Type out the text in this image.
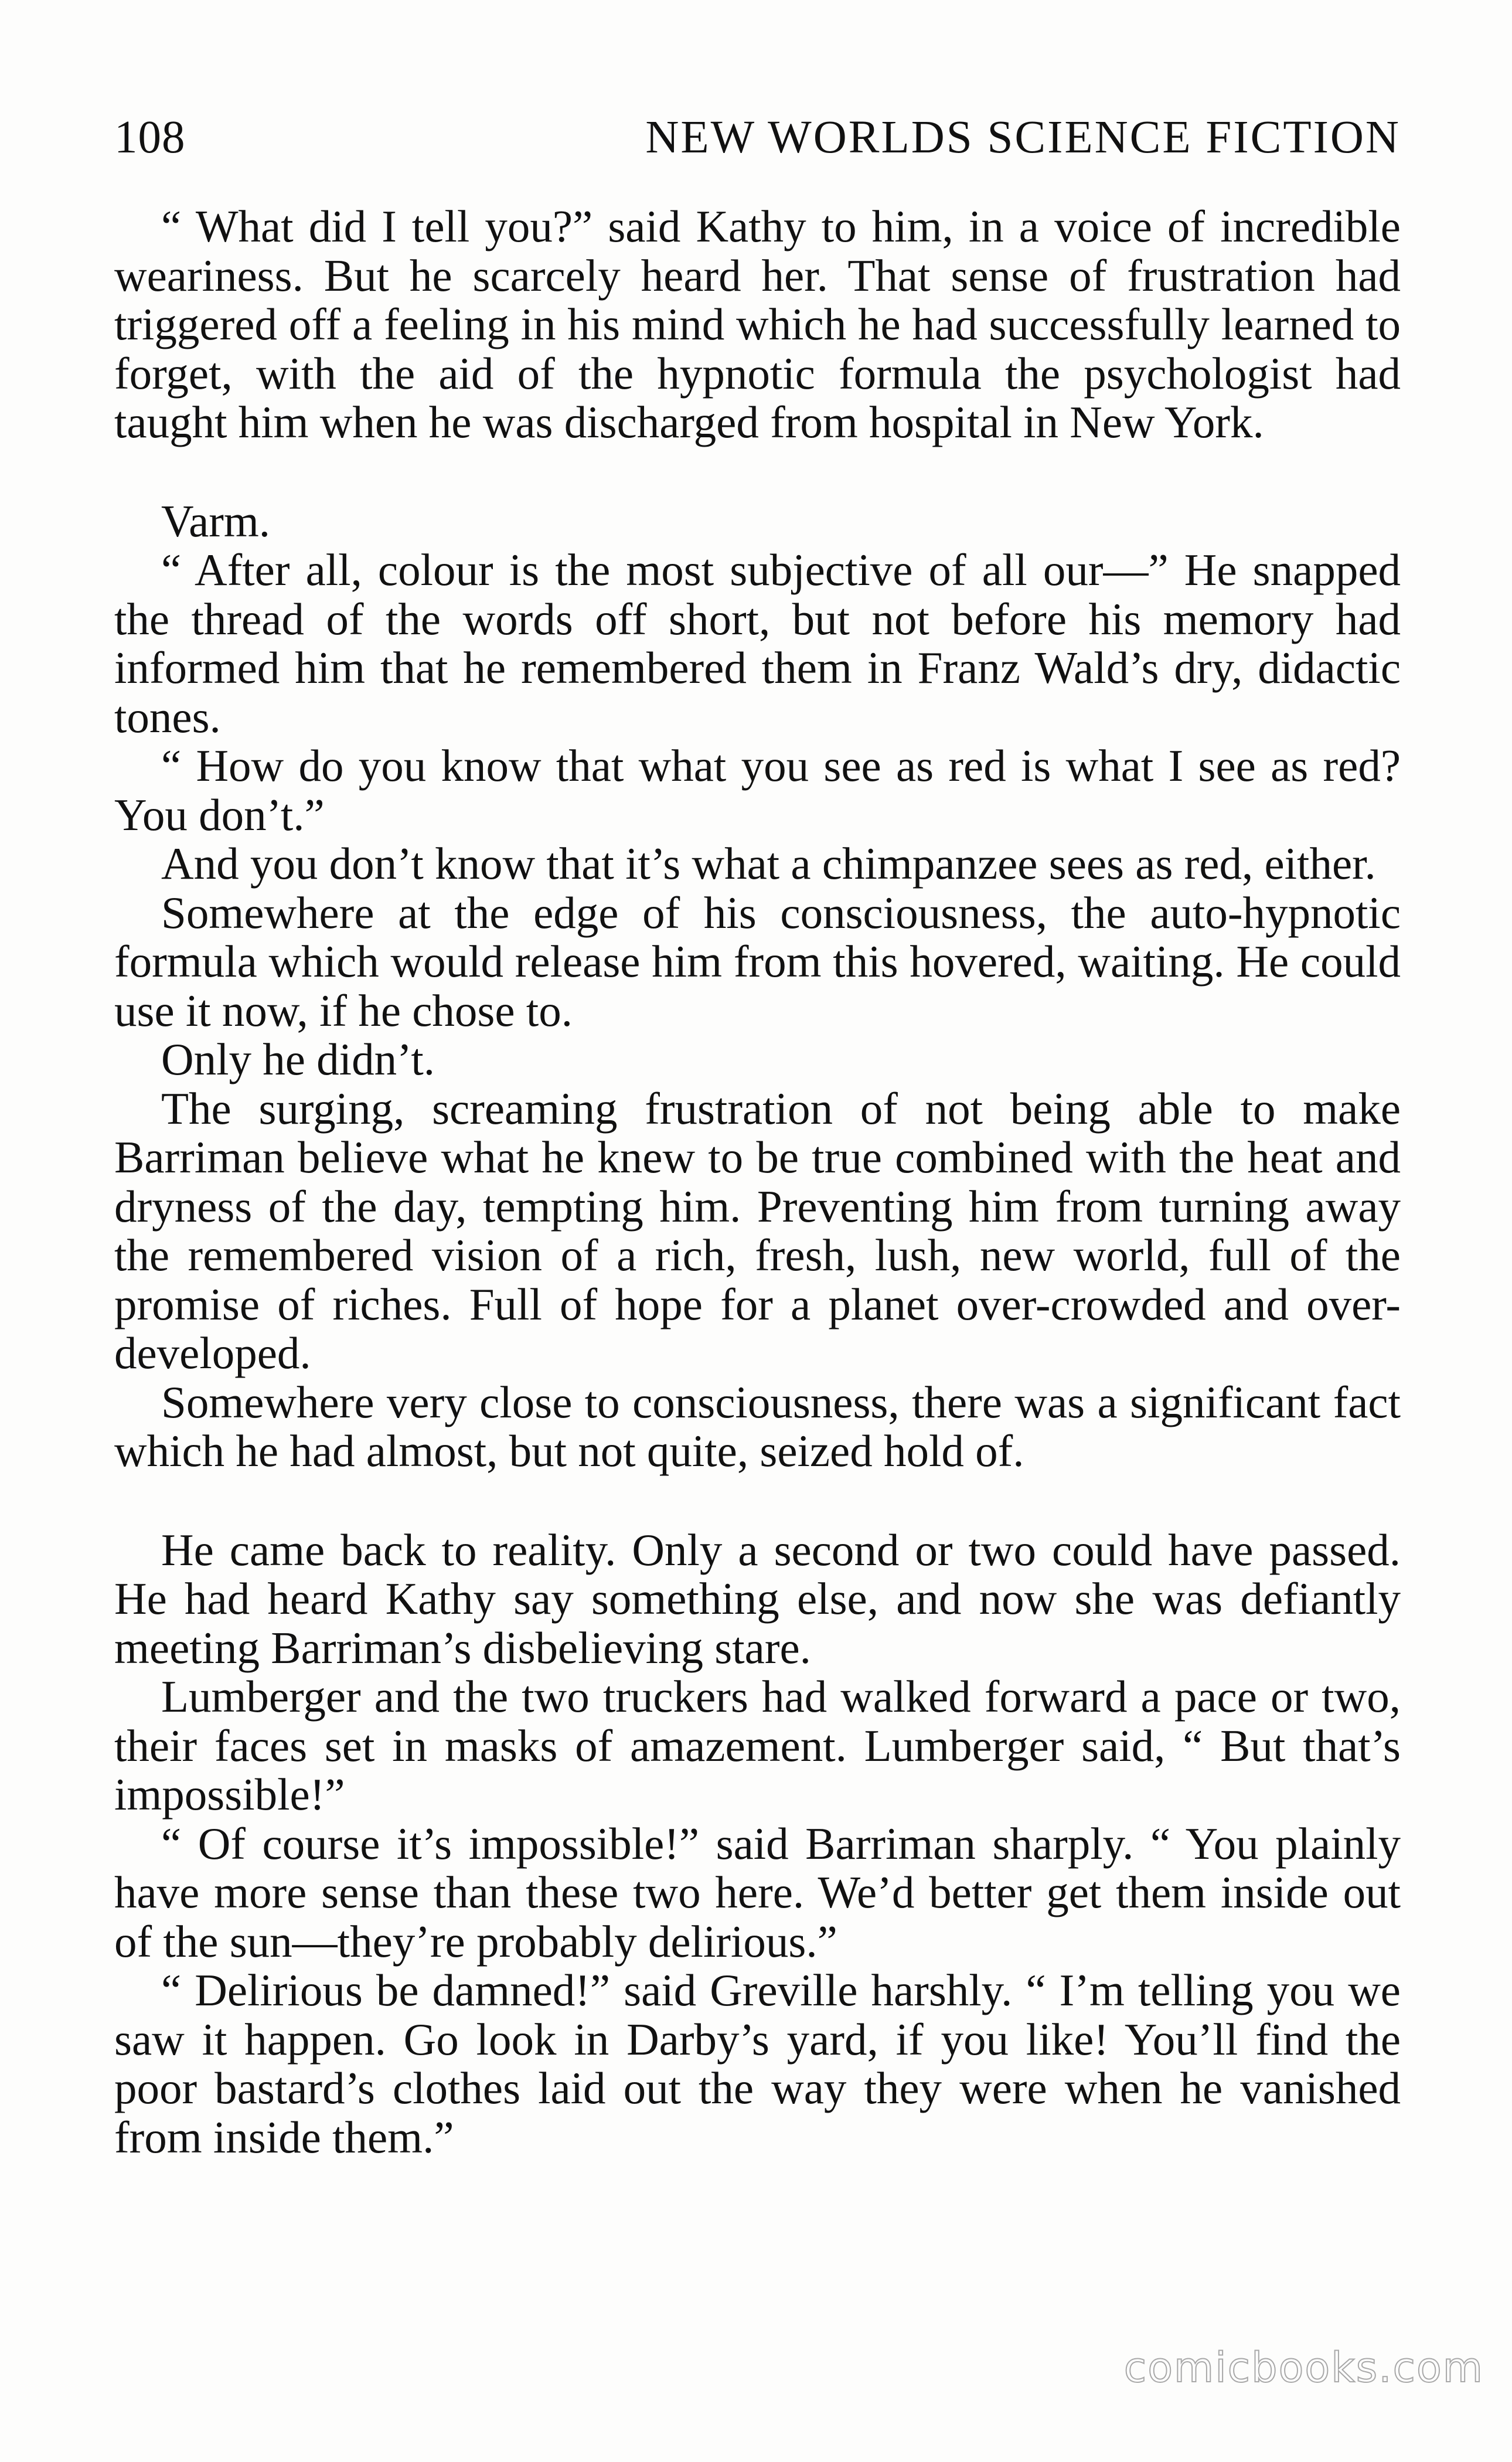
108	NEW WORLDS SCIENCE FICTION

“ What did I tell you?” said Kathy to him, in a voice of incredible weariness. But he scarcely heard her. That sense of frustration had triggered off a feeling in his mind which he had successfully learned to forget, with the aid of the hypnotic formula the psychologist had taught him when he was discharged from hospital in New York.

Varm.

“ After all, colour is the most subjective of all our—” He snapped the thread of the words off short, but not before his memory had informed him that he remembered them in Franz Wald’s dry, didactic tones.

“ How do you know that what you see as red is what I see as red? You don’t.”

And you don’t know that it’s what a chimpanzee sees as red, either.

Somewhere at the edge of his consciousness, the auto-hypnotic formula which would release him from this hovered, waiting. He could use it now, if he chose to.

Only he didn’t.

The surging, screaming frustration of not being able to make Barriman believe what he knew to be true combined with the heat and dryness of the day, tempting him. Preventing him from turning away the remembered vision of a rich, fresh, lush, new world, full of the promise of riches. Full of hope for a planet over-crowded and over-developed.

Somewhere very close to consciousness, there was a significant fact which he had almost, but not quite, seized hold of.

He came back to reality. Only a second or two could have passed. He had heard Kathy say something else, and now she was defiantly meeting Barriman’s disbelieving stare.

Lumberger and the two truckers had walked forward a pace or two, their faces set in masks of amazement. Lumberger said, “ But that’s impossible!”

“ Of course it’s impossible!” said Barriman sharply. “ You plainly have more sense than these two here. We’d better get them inside out of the sun—they’re probably delirious.”

“ Delirious be damned!” said Greville harshly. “ I’m telling you we saw it happen. Go look in Darby’s yard, if you like! You’ll find the poor bastard’s clothes laid out the way they were when he vanished from inside them.”

comicbooks.com
